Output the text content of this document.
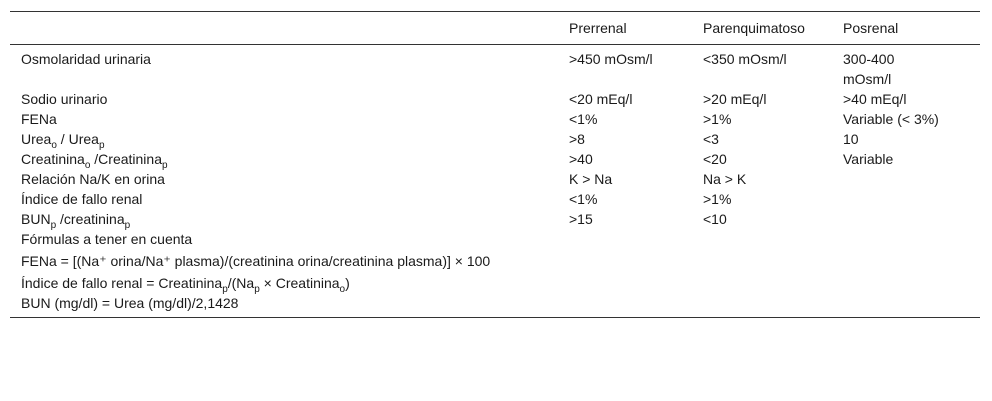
	Prerrenal	Parenquimatoso	Posrenal
Osmolaridad urinaria	>450 mOsm/l	<350 mOsm/l	300-400 mOsm/l
Sodio urinario	<20 mEq/l	>20 mEq/l	>40 mEq/l
FENa	<1%	>1%	Variable (< 3%)
Urea$_o$ / Urea$_p$	>8	<3	10
Creatinina$_o$ /Creatinina$_p$	>40	<20	Variable
Relación Na/K en orina	K > Na	Na > K	
Índice de fallo renal	<1%	>1%	
$BUN_p$ /creatinina$_p$	>15	<10	
Fórmulas a tener en cuenta			
FENa = [(Na⁺ orina/Na⁺ plasma)/(creatinina orina/creatinina plasma)] × 100			
Índice de fallo renal = $Creatinina_p/(Na_p$ × Creatinina$_o$)			
BUN (mg/dl) = Urea (mg/dl)/2,1428			
